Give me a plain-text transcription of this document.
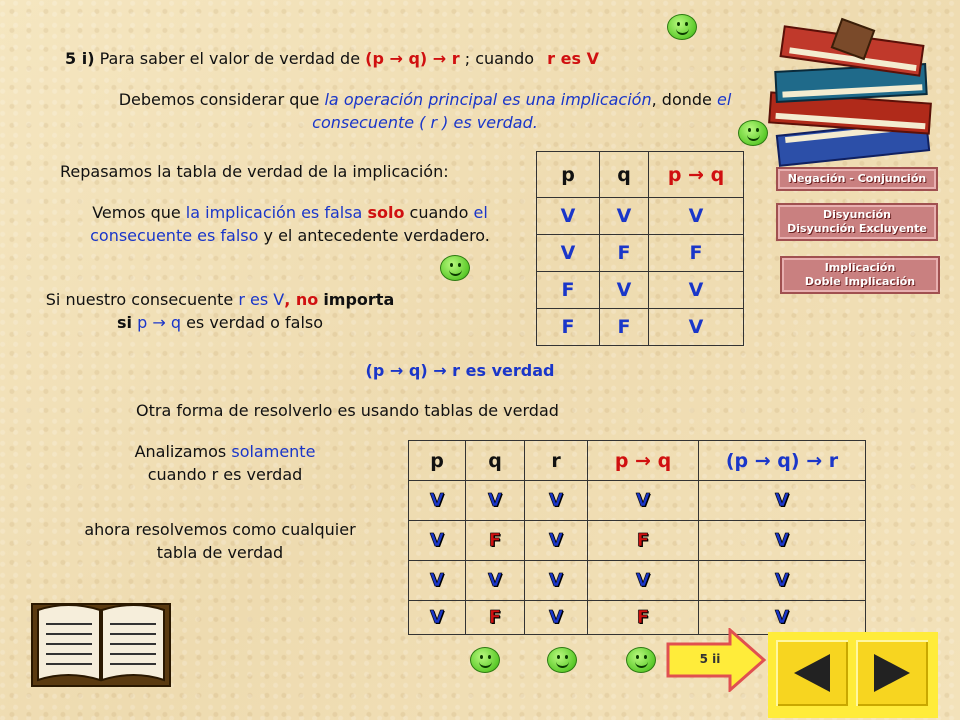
5 i) Para saber el valor de verdad de (p → q) → r ; cuando r es V
Debemos considerar que la operación principal es una implicación, donde el consecuente ( r ) es verdad.
Repasamos la tabla de verdad de la implicación:
Vemos que la implicación es falsa solo cuando el consecuente es falso y el antecedente verdadero.
Si nuestro consecuente r es V, no importa si p → q es verdad o falso
p	q	p → q
V	V	V
V	F	F
F	V	V
F	F	V
(p → q) → r es verdad
Otra forma de resolverlo es usando tablas de verdad
Analizamos solamente
cuando r es verdad
ahora resolvemos como cualquier tabla de verdad
p	q	r	p → q	(p → q) → r
V	V	V	V	V
V	F	V	F	V
V	V	V	V	V
V	F	V	F	V
Negación - Conjunción
Disyunción
Disyunción Excluyente
Implicación
Doble Implicación
5 ii
